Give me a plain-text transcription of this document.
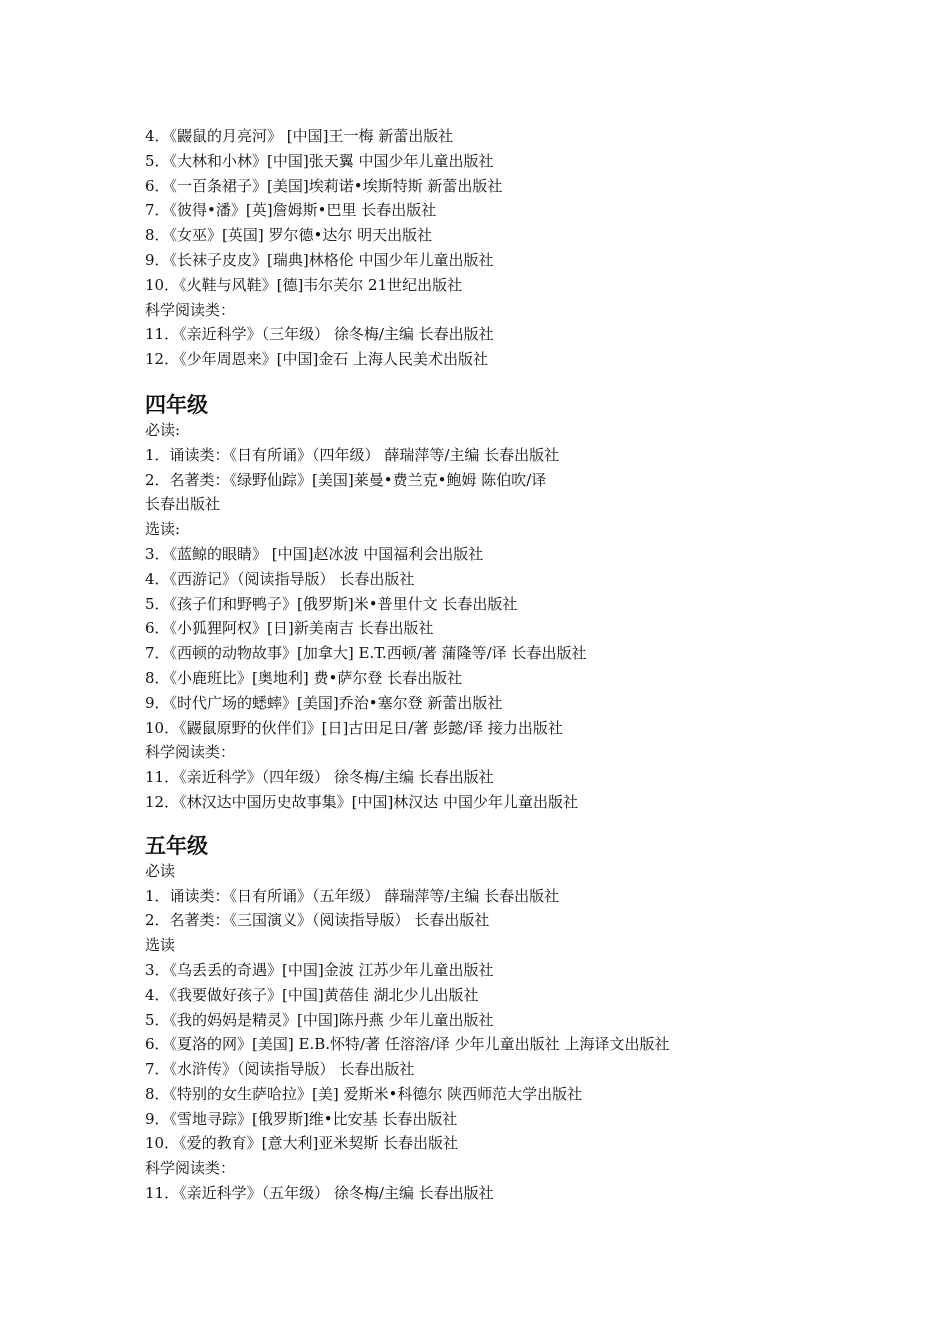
4．《鼹鼠的月亮河》 [中国]王一梅 新蕾出版社
5．《大林和小林》[中国]张天翼 中国少年儿童出版社
6．《一百条裙子》[美国]埃莉诺•埃斯特斯 新蕾出版社
7．《彼得•潘》[英]詹姆斯•巴里 长春出版社
8．《女巫》[英国] 罗尔德•达尔 明天出版社
9．《长袜子皮皮》[瑞典]林格伦 中国少年儿童出版社
10．《火鞋与风鞋》[德]韦尔芙尔 21世纪出版社
科学阅读类：
11．《亲近科学》（三年级） 徐冬梅/主编 长春出版社
12．《少年周恩来》[中国]金石 上海人民美术出版社
四年级
必读:
1．诵读类：《日有所诵》（四年级） 薛瑞萍等/主编 长春出版社
2．名著类：《绿野仙踪》[美国]莱曼•费兰克•鲍姆 陈伯吹/译
长春出版社
选读:
3．《蓝鲸的眼睛》 [中国]赵冰波 中国福利会出版社
4．《西游记》（阅读指导版） 长春出版社
5．《孩子们和野鸭子》[俄罗斯]米•普里什文 长春出版社
6．《小狐狸阿权》[日]新美南吉 长春出版社
7．《西顿的动物故事》[加拿大] E.T.西顿/著 蒲隆等/译 长春出版社
8．《小鹿班比》[奥地利] 费•萨尔登 长春出版社
9．《时代广场的蟋蟀》[美国]乔治•塞尔登 新蕾出版社
10．《鼹鼠原野的伙伴们》[日]古田足日/著 彭懿/译 接力出版社
科学阅读类：
11．《亲近科学》（四年级） 徐冬梅/主编 长春出版社
12．《林汉达中国历史故事集》[中国]林汉达 中国少年儿童出版社
五年级
必读
1．诵读类：《日有所诵》（五年级） 薛瑞萍等/主编 长春出版社
2．名著类：《三国演义》（阅读指导版） 长春出版社
选读
3．《乌丢丢的奇遇》[中国]金波 江苏少年儿童出版社
4．《我要做好孩子》[中国]黄蓓佳 湖北少儿出版社
5．《我的妈妈是精灵》[中国]陈丹燕 少年儿童出版社
6．《夏洛的网》[美国] E.B.怀特/著 任溶溶/译 少年儿童出版社 上海译文出版社
7．《水浒传》（阅读指导版） 长春出版社
8．《特别的女生萨哈拉》[美] 爱斯米•科德尔 陕西师范大学出版社
9．《雪地寻踪》[俄罗斯]维•比安基 长春出版社
10．《爱的教育》[意大利]亚米契斯 长春出版社
科学阅读类：
11．《亲近科学》（五年级） 徐冬梅/主编 长春出版社
